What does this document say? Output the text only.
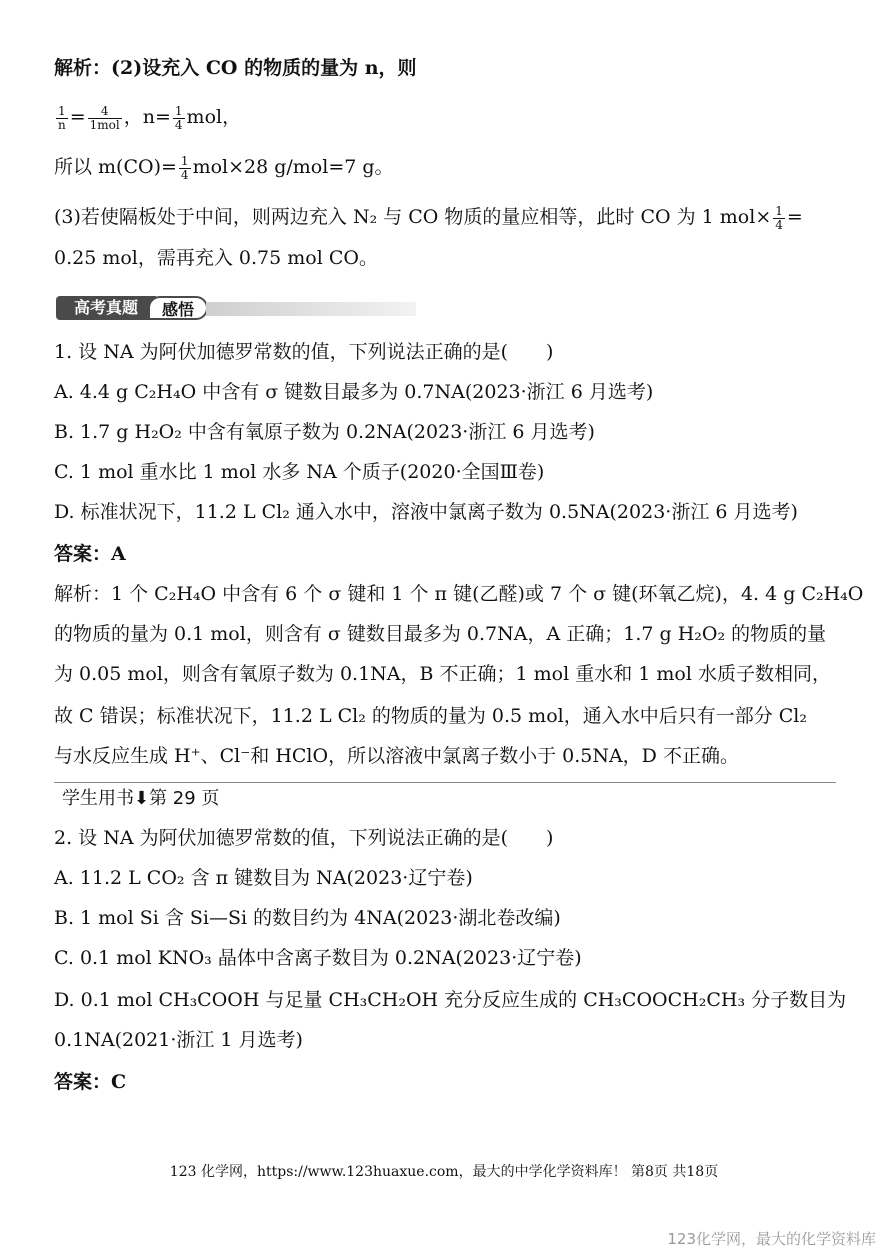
解析：(2)设充入 CO 的物质的量为 n，则
$\frac{1}{n} = \frac{4}{\text{1mol}}$ ，$n= \frac{1}{4}$ mol，
所以 $m(CO)= \frac{1}{4} mol\times 28$ g/mol=7 g。
(3)若使隔板处于中间，则两边充入 N₂ 与 CO 物质的量应相等，此时 CO 为 1 $mol\times \frac{1}{4}$ =
0.25 mol，需再充入 0.75 mol CO。
高考真题	感悟
1. 设 NA 为阿伏加德罗常数的值，下列说法正确的是(　　)
A. 4.4 g C₂H₄O 中含有 σ 键数目最多为 0.7NA(2023·浙江 6 月选考)
B. 1.7 g H₂O₂ 中含有氧原子数为 0.2NA(2023·浙江 6 月选考)
C. 1 mol 重水比 1 mol 水多 NA 个质子(2020·全国Ⅲ卷)
D. 标准状况下，11.2 L Cl₂ 通入水中，溶液中氯离子数为 0.5NA(2023·浙江 6 月选考)
答案：A
解析：1 个 C₂H₄O 中含有 6 个 σ 键和 1 个 π 键(乙醛)或 7 个 σ 键(环氧乙烷)，4. 4 g C₂H₄O
的物质的量为 0.1 mol，则含有 σ 键数目最多为 0.7NA，A 正确；1.7 g H₂O₂ 的物质的量
为 0.05 mol，则含有氧原子数为 0.1NA，B 不正确；1 mol 重水和 1 mol 水质子数相同，
故 C 错误；标准状况下，11.2 L Cl₂ 的物质的量为 0.5 mol，通入水中后只有一部分 Cl₂
与水反应生成 H⁺、Cl⁻和 HClO，所以溶液中氯离子数小于 0.5NA，D 不正确。
学生用书⬇第 29 页
2. 设 NA 为阿伏加德罗常数的值，下列说法正确的是(　　)
A. 11.2 L CO₂ 含 π 键数目为 NA(2023·辽宁卷)
B. 1 mol Si 含 Si—Si 的数目约为 4NA(2023·湖北卷改编)
C. 0.1 mol KNO₃ 晶体中含离子数目为 0.2NA(2023·辽宁卷)
D. 0.1 mol CH₃COOH 与足量 CH₃CH₂OH 充分反应生成的 CH₃COOCH₂CH₃ 分子数目为
0.1NA(2021·浙江 1 月选考)
答案：C
123 化学网，https://www.123huaxue.com，最大的中学化学资料库！ 第8页 共18页
123化学网，最大的化学资料库
